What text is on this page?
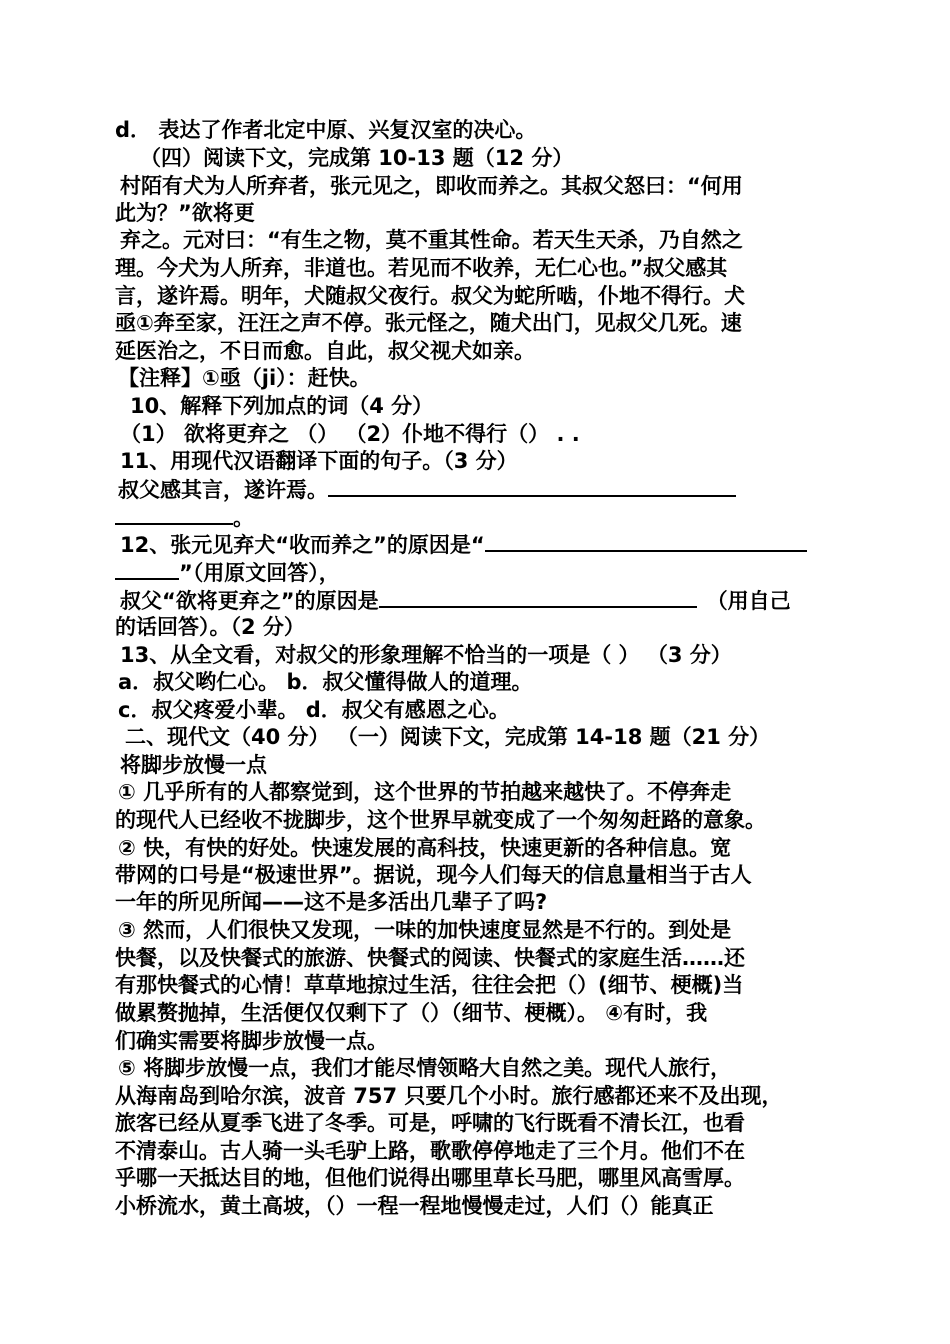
d． 表达了作者北定中原、兴复汉室的决心。
（四）阅读下文，完成第 10-13 题（12 分）
村陌有犬为人所弃者，张元见之，即收而养之。其叔父怒曰：“何用
此为？”欲将更
弃之。元对曰：“有生之物，莫不重其性命。若天生天杀，乃自然之
理。今犬为人所弃，非道也。若见而不收养，无仁心也。”叔父感其
言，遂许焉。明年，犬随叔父夜行。叔父为蛇所啮，仆地不得行。犬
亟①奔至家，汪汪之声不停。张元怪之，随犬出门，见叔父几死。速
延医治之，不日而愈。自此，叔父视犬如亲。
【注释】①亟（ji）：赶快。
10、解释下列加点的词（4 分）
（1） 欲将更弃之 （） （2）仆地不得行（） . .
11、用现代汉语翻译下面的句子。（3 分）
叔父感其言，遂许焉。
。
12、张元见弃犬“收而养之”的原因是“
”（用原文回答），
叔父“欲将更弃之”的原因是	（用自己
的话回答）。（2 分）
13、从全文看，对叔父的形象理解不恰当的一项是（ ） （3 分）
a．叔父哟仁心。 b．叔父懂得做人的道理。
c．叔父疼爱小辈。 d．叔父有感恩之心。
二、现代文（40 分） （一）阅读下文，完成第 14-18 题（21 分）
将脚步放慢一点
① 几乎所有的人都察觉到，这个世界的节拍越来越快了。不停奔走
的现代人已经收不拢脚步，这个世界早就变成了一个匆匆赶路的意象。
② 快，有快的好处。快速发展的高科技，快速更新的各种信息。宽
带网的口号是“极速世界”。据说，现今人们每天的信息量相当于古人
一年的所见所闻——这不是多活出几辈子了吗?
③ 然而，人们很快又发现，一味的加快速度显然是不行的。到处是
快餐，以及快餐式的旅游、快餐式的阅读、快餐式的家庭生活……还
有那快餐式的心情！草草地掠过生活，往往会把（）(细节、梗概)当
做累赘抛掉，生活便仅仅剩下了（）（细节、梗概）。 ④有时，我
们确实需要将脚步放慢一点。
⑤ 将脚步放慢一点，我们才能尽情领略大自然之美。现代人旅行，
从海南岛到哈尔滨，波音 757 只要几个小时。旅行感都还来不及出现，
旅客已经从夏季飞进了冬季。可是，呼啸的飞行既看不清长江，也看
不清泰山。古人骑一头毛驴上路，歌歌停停地走了三个月。他们不在
乎哪一天抵达目的地，但他们说得出哪里草长马肥，哪里风高雪厚。
小桥流水，黄土高坡，（）一程一程地慢慢走过，人们（）能真正
